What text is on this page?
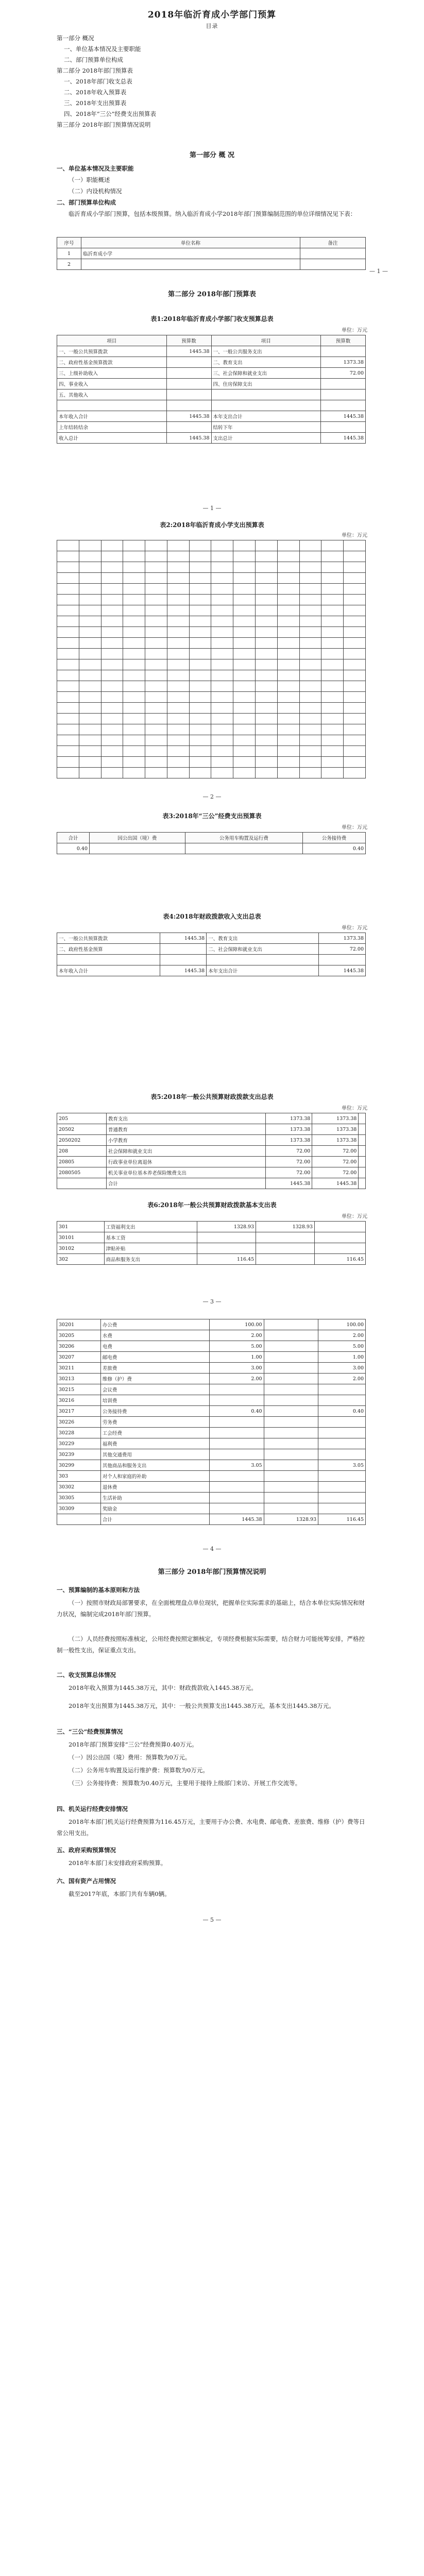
2018年临沂育成小学部门预算
目录
第一部分 概况
一、单位基本情况及主要职能
二、部门预算单位构成
第二部分 2018年部门预算表
一、2018年部门收支总表
二、2018年收入预算表
三、2018年支出预算表
四、2018年“三公”经费支出预算表
第三部分 2018年部门预算情况说明
第一部分 概 况
一、单位基本情况及主要职能
（一）职能概述
（二）内设机构情况
二、部门预算单位构成
临沂育成小学部门预算，包括本级预算。纳入临沂育成小学2018年部门预算编制范围的单位详细情况见下表：
序号	单位名称	备注
1	临沂育成小学	
2		
第二部分 2018年部门预算表
— 1 —
表1:2018年临沂育成小学部门收支预算总表
单位：万元
项目	预算数	项目	预算数
一、一般公共预算拨款	1445.38	一、一般公共服务支出	
二、政府性基金预算拨款		二、教育支出	1373.38
三、上级补助收入		三、社会保障和就业支出	72.00
四、事业收入		四、住房保障支出	
五、其他收入			

本年收入合计	1445.38	本年支出合计	1445.38
上年结转结余		结转下年	
收入总计	1445.38	支出总计	1445.38
— 1 —
表2:2018年临沂育成小学支出预算表
单位：万元

— 2 —
表3:2018年“三公”经费支出预算表
单位：万元
合计	因公出国（境）费	公务用车购置及运行费	公务接待费
0.40			0.40
表4:2018年财政拨款收入支出总表
单位：万元
一、一般公共预算拨款	1445.38	一、教育支出	1373.38
二、政府性基金预算		二、社会保障和就业支出	72.00

本年收入合计	1445.38	本年支出合计	1445.38
表5:2018年一般公共预算财政拨款支出总表
单位：万元
205	教育支出	1373.38	1373.38	
20502	普通教育	1373.38	1373.38	
2050202	小学教育	1373.38	1373.38	
208	社会保障和就业支出	72.00	72.00	
20805	行政事业单位离退休	72.00	72.00	
2080505	机关事业单位基本养老保险缴费支出	72.00	72.00	
	合计	1445.38	1445.38	
表6:2018年一般公共预算财政拨款基本支出表
单位：万元
301	工资福利支出	1328.93	1328.93	
30101	基本工资			
30102	津贴补贴			
302	商品和服务支出	116.45		116.45
— 3 —
30201	办公费	100.00		100.00
30205	水费	2.00		2.00
30206	电费	5.00		5.00
30207	邮电费	1.00		1.00
30211	差旅费	3.00		3.00
30213	维修（护）费	2.00		2.00
30215	会议费			
30216	培训费			
30217	公务接待费	0.40		0.40
30226	劳务费			
30228	工会经费			
30229	福利费			
30239	其他交通费用			
30299	其他商品和服务支出	3.05		3.05
303	对个人和家庭的补助			
30302	退休费			
30305	生活补助			
30309	奖励金			
	合计	1445.38	1328.93	116.45
— 4 —
第三部分 2018年部门预算情况说明
一、预算编制的基本原则和方法
（一）按照市财政局部署要求，在全面梳理盘点单位现状，把握单位实际需求的基础上，结合本单位实际情况和财力状况，编制完成2018年部门预算。
（二）人员经费按照标准核定，公用经费按照定额核定，专项经费根据实际需要，结合财力可能统筹安排，严格控制一般性支出，保证重点支出。
二、收支预算总体情况
2018年收入预算为1445.38万元，其中：财政拨款收入1445.38万元。
2018年支出预算为1445.38万元，其中：一般公共预算支出1445.38万元，基本支出1445.38万元。
三、“三公”经费预算情况
2018年部门预算安排“三公”经费预算0.40万元。
（一）因公出国（境）费用：预算数为0万元。
（二）公务用车购置及运行维护费：预算数为0万元。
（三）公务接待费：预算数为0.40万元，主要用于接待上级部门来访、开展工作交流等。
四、机关运行经费安排情况
2018年本部门机关运行经费预算为116.45万元，主要用于办公费、水电费、邮电费、差旅费、维修（护）费等日常公用支出。
五、政府采购预算情况
2018年本部门未安排政府采购预算。
六、国有资产占用情况
截至2017年底，本部门共有车辆0辆。
— 5 —
